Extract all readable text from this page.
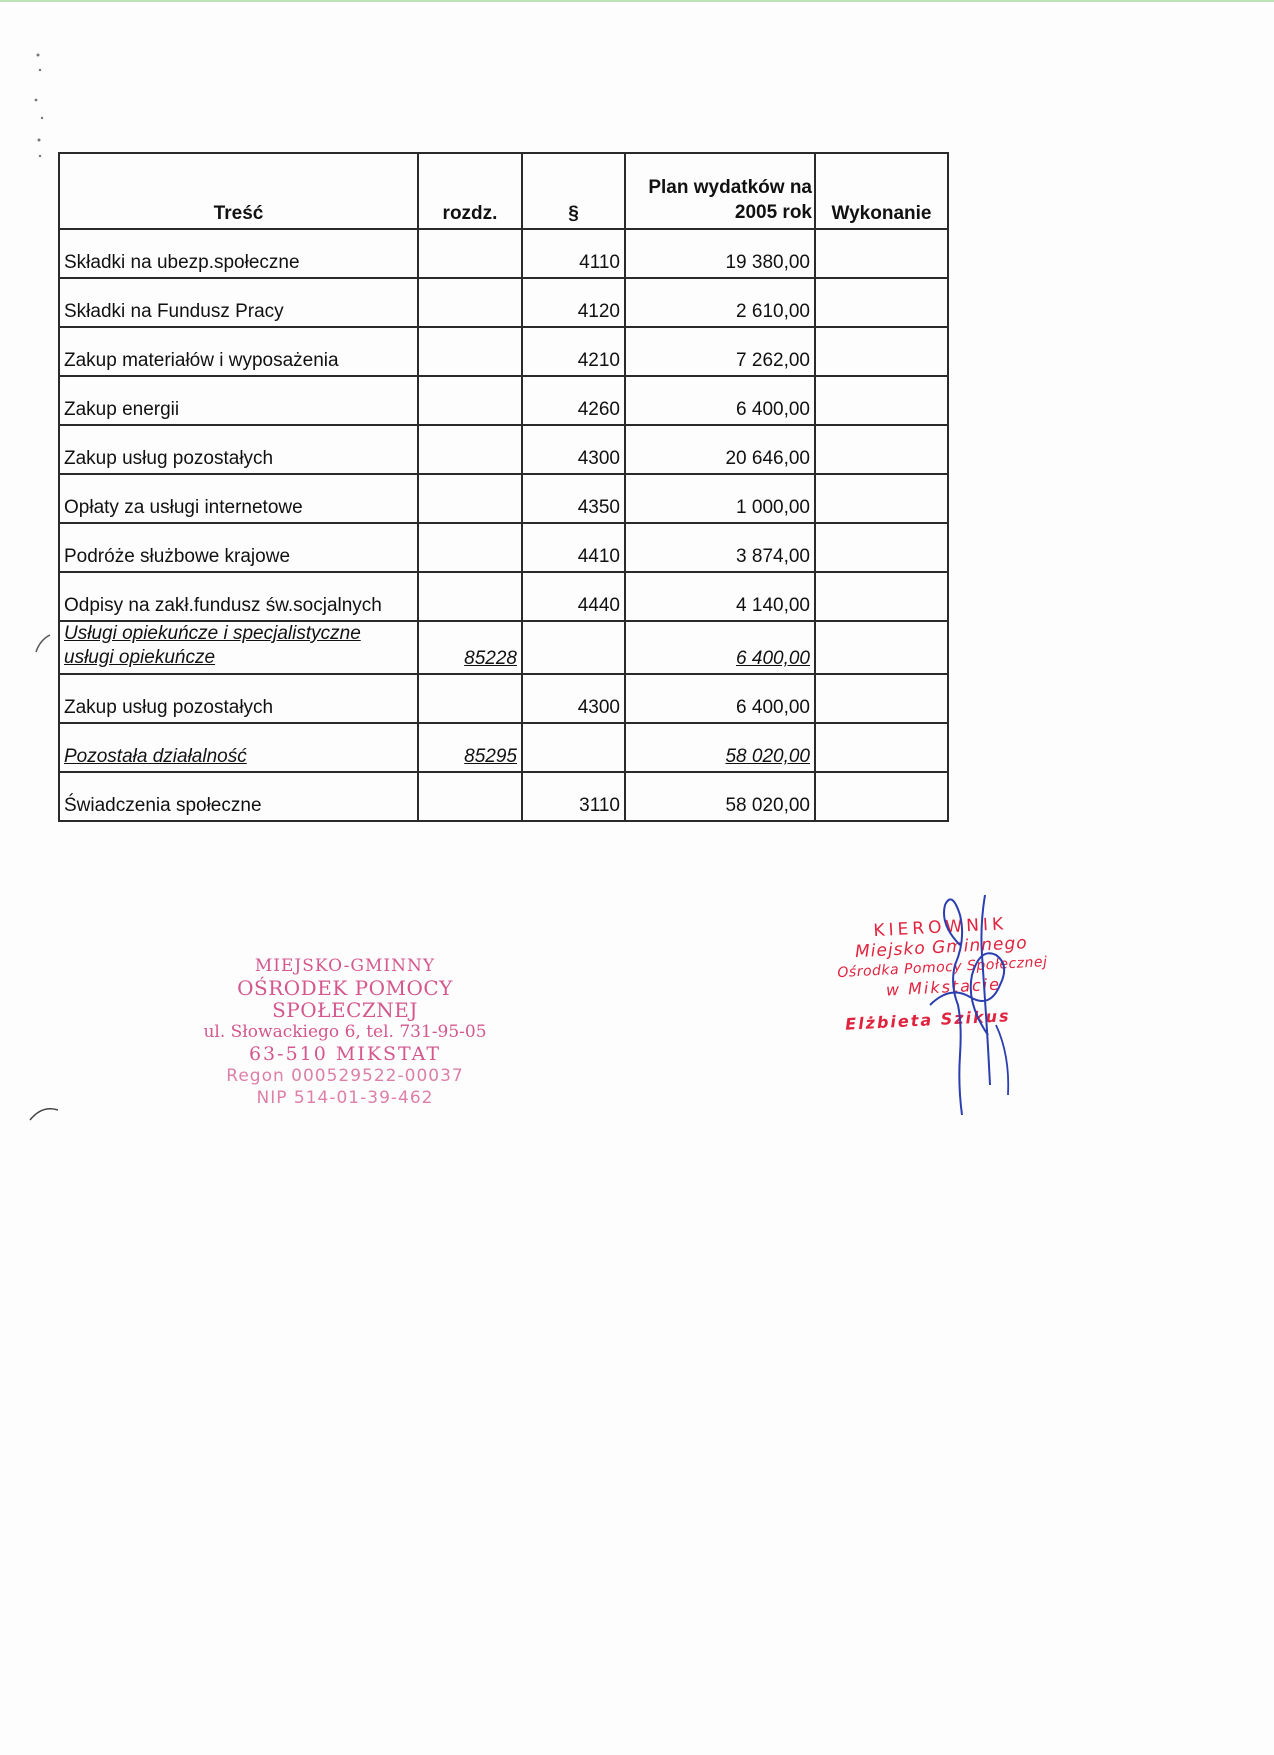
Treść	rozdz.	§	Plan wydatków na 2005 rok	Wykonanie
Składki na ubezp.społeczne		4110	19 380,00	
Składki na Fundusz Pracy		4120	2 610,00	
Zakup materiałów i wyposażenia		4210	7 262,00	
Zakup energii		4260	6 400,00	
Zakup usług pozostałych		4300	20 646,00	
Opłaty za usługi internetowe		4350	1 000,00	
Podróże służbowe krajowe		4410	3 874,00	
Odpisy na zakł.fundusz św.socjalnych		4440	4 140,00	

Usługi opiekuńcze i specjalistyczne
usługi opiekuńcze	85228		6 400,00	
Zakup usług pozostałych		4300	6 400,00	
Pozostała działalność	85295		58 020,00	
Świadczenia społeczne		3110	58 020,00	
MIEJSKO-GMINNY
OŚRODEK POMOCY SPOŁECZNEJ
ul. Słowackiego 6, tel. 731-95-05
63-510 MIKSTAT
Regon 000529522-00037
NIP 514-01-39-462
KIEROWNIK
Miejsko Gminnego
Ośrodka Pomocy Społecznej
w Mikstacie
Elżbieta Szikus
